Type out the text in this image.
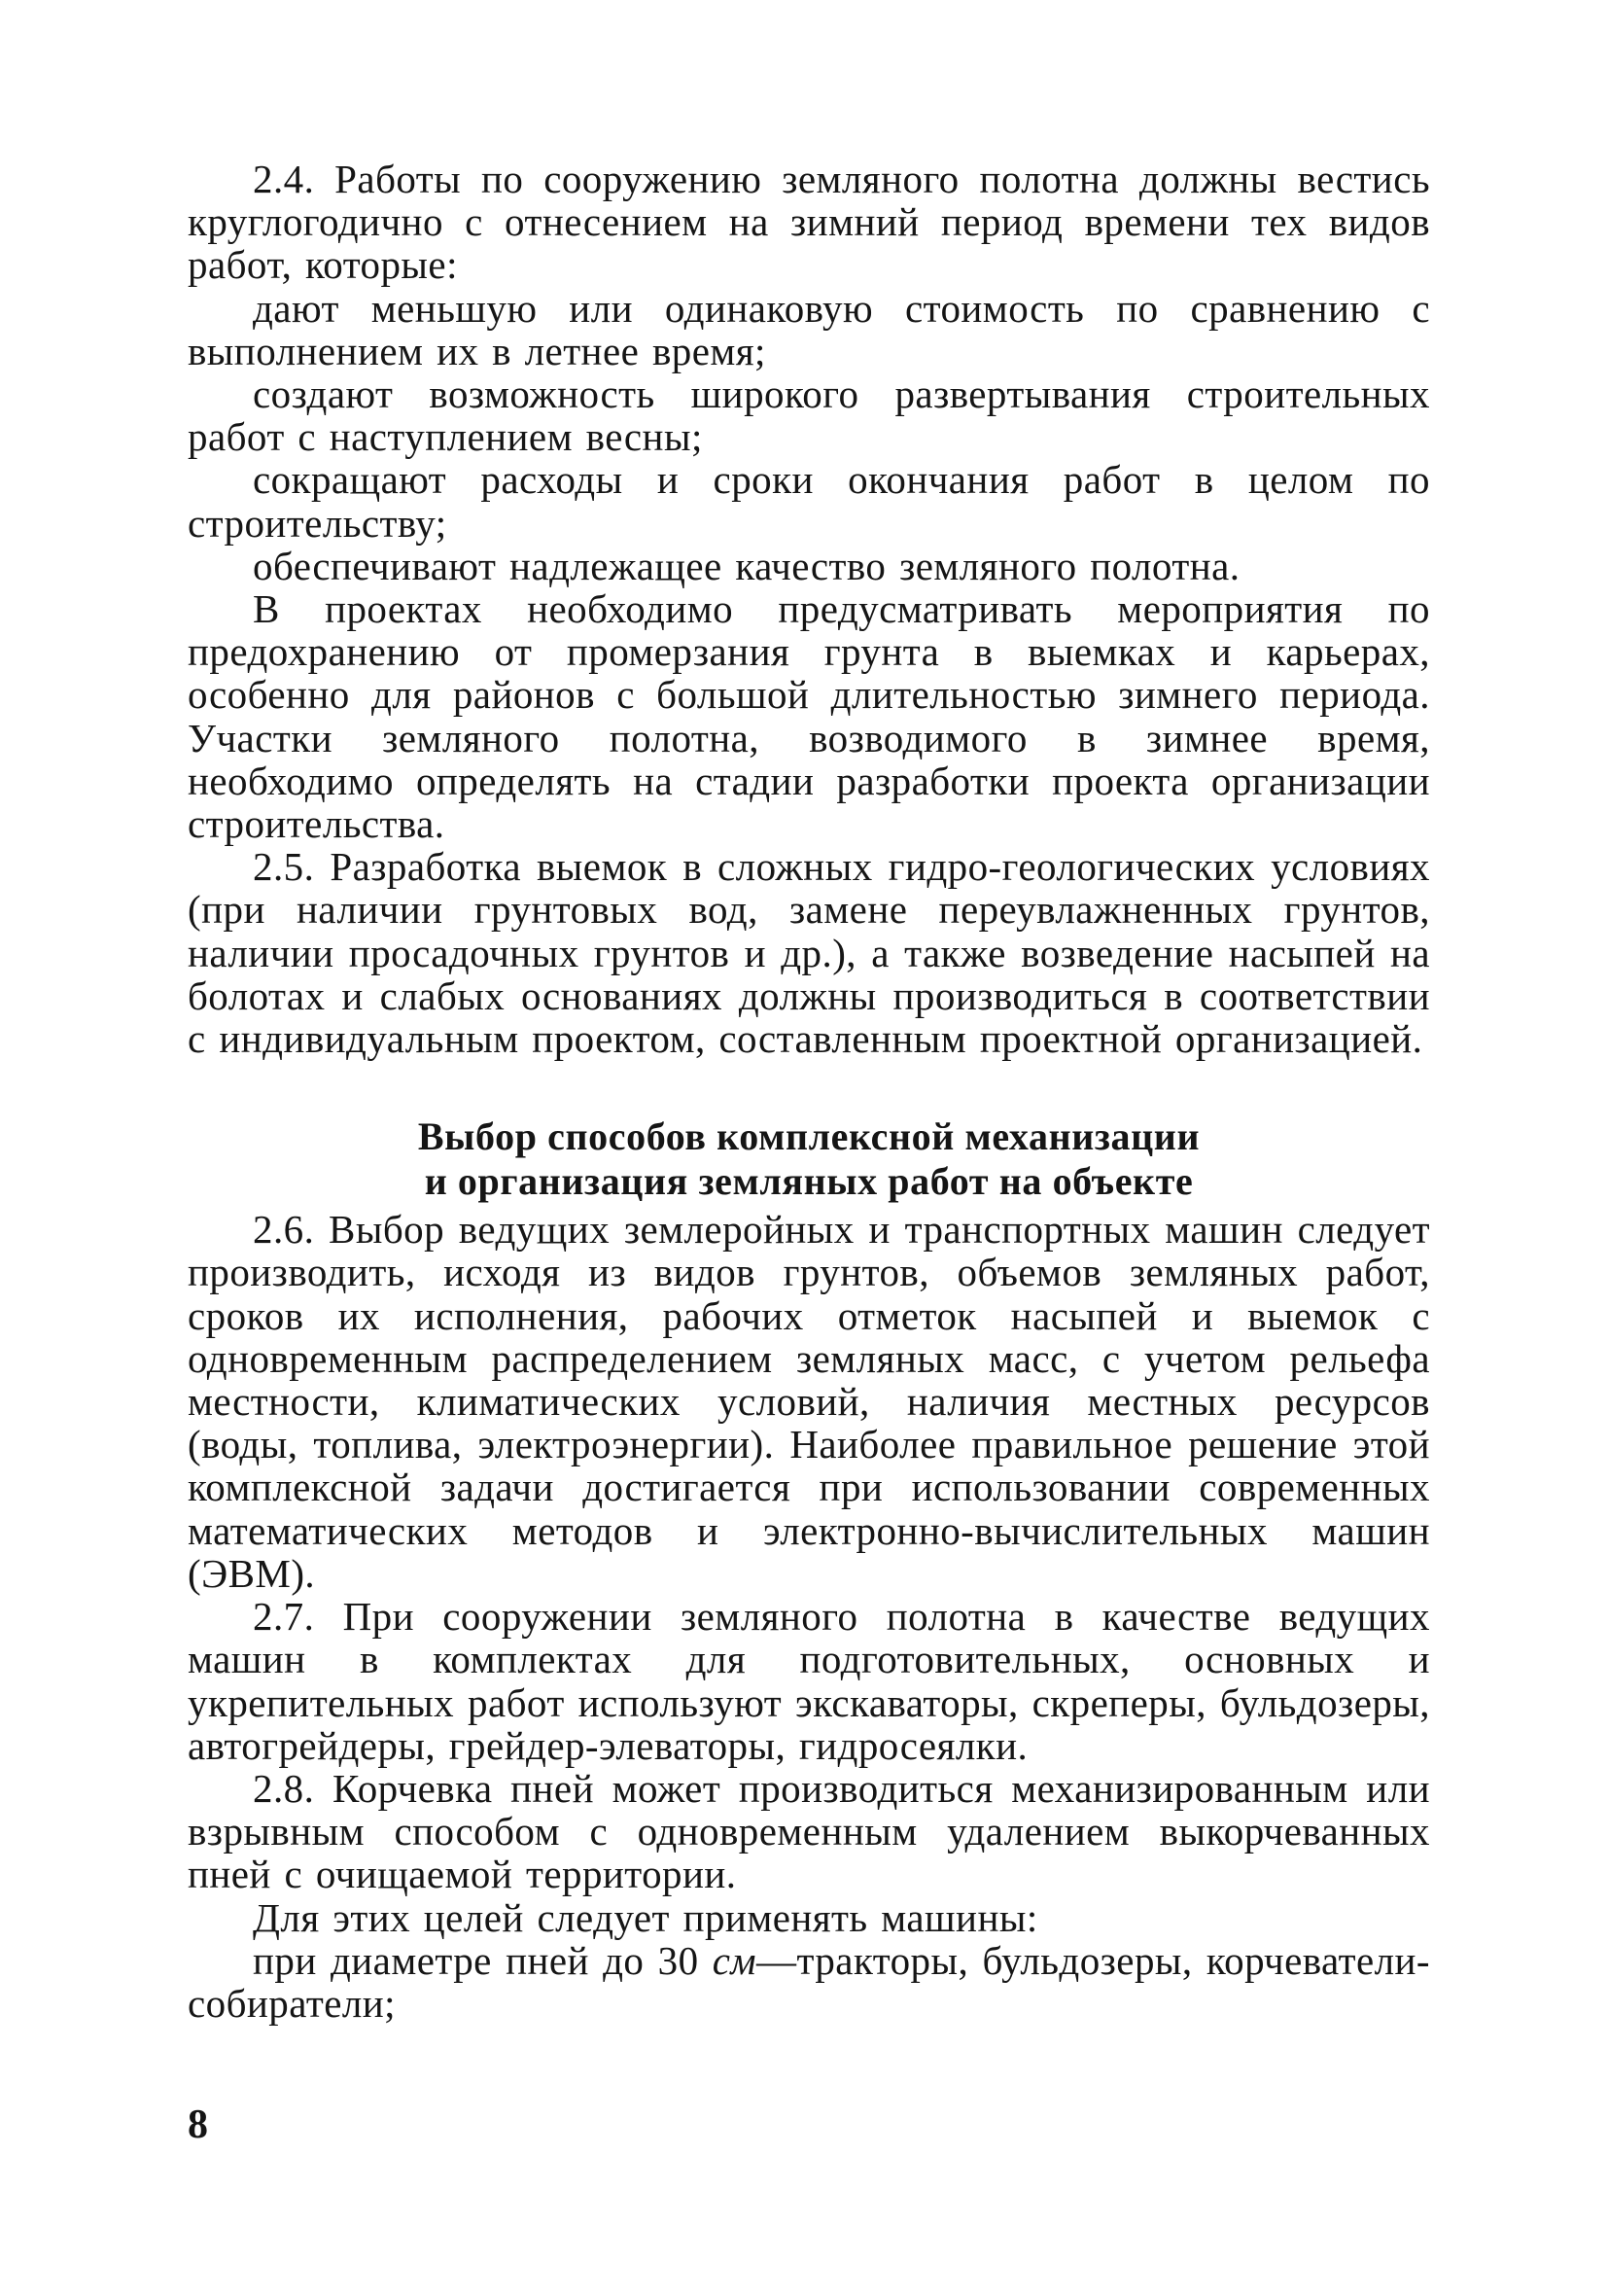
2.4. Работы по сооружению земляного полотна должны вестись круглогодично с отнесением на зимний период времени тех видов работ, которые:

дают меньшую или одинаковую стоимость по сравнению с выполнением их в летнее время;

создают возможность широкого развертывания строительных работ с наступлением весны;

сокращают расходы и сроки окончания работ в целом по строительству;

обеспечивают надлежащее качество земляного полотна.

В проектах необходимо предусматривать мероприятия по предохранению от промерзания грунта в выемках и карьерах, особенно для районов с большой длительностью зимнего периода. Участки земляного полотна, возводимого в зимнее время, необходимо определять на стадии разработки проекта организации строительства.

2.5. Разработка выемок в сложных гидро-геологических условиях (при наличии грунтовых вод, замене переувлажненных грунтов, наличии просадочных грунтов и др.), а также возведение насыпей на болотах и слабых основаниях должны производиться в соответствии с индивидуальным проектом, составленным проектной организацией.

Выбор способов комплексной механизации
и организация земляных работ на объекте

2.6. Выбор ведущих землеройных и транспортных машин следует производить, исходя из видов грунтов, объемов земляных работ, сроков их исполнения, рабочих отметок насыпей и выемок с одновременным распределением земляных масс, с учетом рельефа местности, климатических условий, наличия местных ресурсов (воды, топлива, электроэнергии). Наиболее правильное решение этой комплексной задачи достигается при использовании современных математических методов и электронно-вычислительных машин (ЭВМ).

2.7. При сооружении земляного полотна в качестве ведущих машин в комплектах для подготовительных, основных и укрепительных работ используют экскаваторы, скреперы, бульдозеры, автогрейдеры, грейдер-элеваторы, гидросеялки.

2.8. Корчевка пней может производиться механизированным или взрывным способом с одновременным удалением выкорчеванных пней с очищаемой территории.

Для этих целей следует применять машины:

при диаметре пней до 30 см—тракторы, бульдозеры, корчеватели-собиратели;

8
